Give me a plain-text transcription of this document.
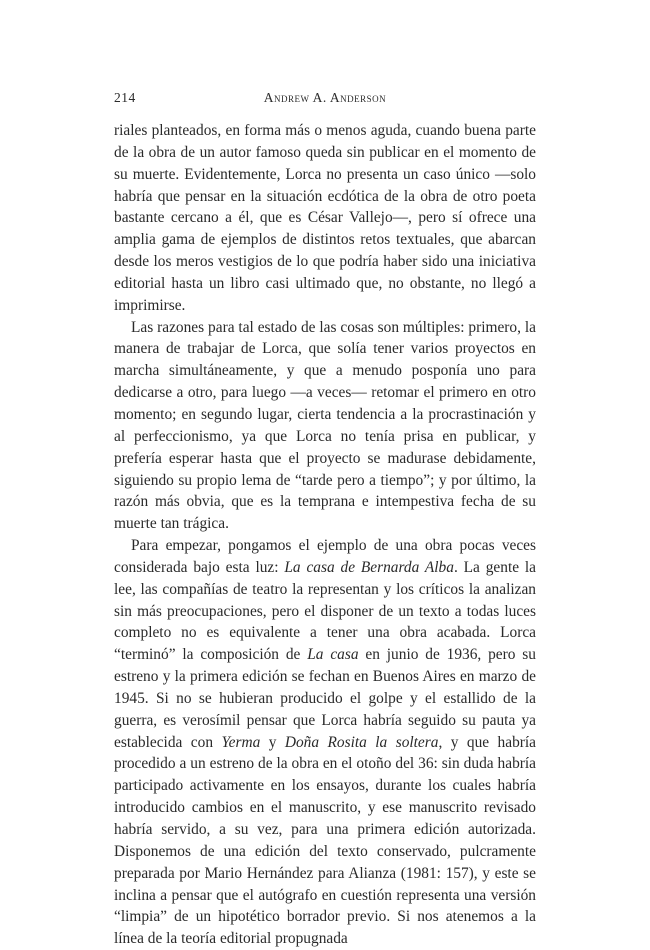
214	Andrew A. Anderson

riales planteados, en forma más o menos aguda, cuando buena parte de la obra de un autor famoso queda sin publicar en el momento de su muerte. Evidentemente, Lorca no presenta un caso único —solo habría que pensar en la situación ecdótica de la obra de otro poeta bastante cercano a él, que es César Vallejo—, pero sí ofrece una amplia gama de ejemplos de distintos retos textuales, que abarcan desde los meros vestigios de lo que podría haber sido una iniciativa editorial hasta un libro casi ultimado que, no obstante, no llegó a imprimirse.

Las razones para tal estado de las cosas son múltiples: primero, la manera de trabajar de Lorca, que solía tener varios proyectos en marcha simultáneamente, y que a menudo posponía uno para dedicarse a otro, para luego —a veces— retomar el primero en otro momento; en segundo lugar, cierta tendencia a la procrastinación y al perfeccionismo, ya que Lorca no tenía prisa en publicar, y prefería esperar hasta que el proyecto se madurase debidamente, siguiendo su propio lema de “tarde pero a tiempo”; y por último, la razón más obvia, que es la temprana e intempestiva fecha de su muerte tan trágica.

Para empezar, pongamos el ejemplo de una obra pocas veces considerada bajo esta luz: La casa de Bernarda Alba. La gente la lee, las compañías de teatro la representan y los críticos la analizan sin más preocupaciones, pero el disponer de un texto a todas luces completo no es equivalente a tener una obra acabada. Lorca “terminó” la composición de La casa en junio de 1936, pero su estreno y la primera edición se fechan en Buenos Aires en marzo de 1945. Si no se hubieran producido el golpe y el estallido de la guerra, es verosímil pensar que Lorca habría seguido su pauta ya establecida con Yerma y Doña Rosita la soltera, y que habría procedido a un estreno de la obra en el otoño del 36: sin duda habría participado activamente en los ensayos, durante los cuales habría introducido cambios en el manuscrito, y ese manuscrito revisado habría servido, a su vez, para una primera edición autorizada. Disponemos de una edición del texto conservado, pulcramente preparada por Mario Hernández para Alianza (1981: 157), y este se inclina a pensar que el autógrafo en cuestión representa una versión “limpia” de un hipotético borrador previo. Si nos atenemos a la línea de la teoría editorial propugnada
